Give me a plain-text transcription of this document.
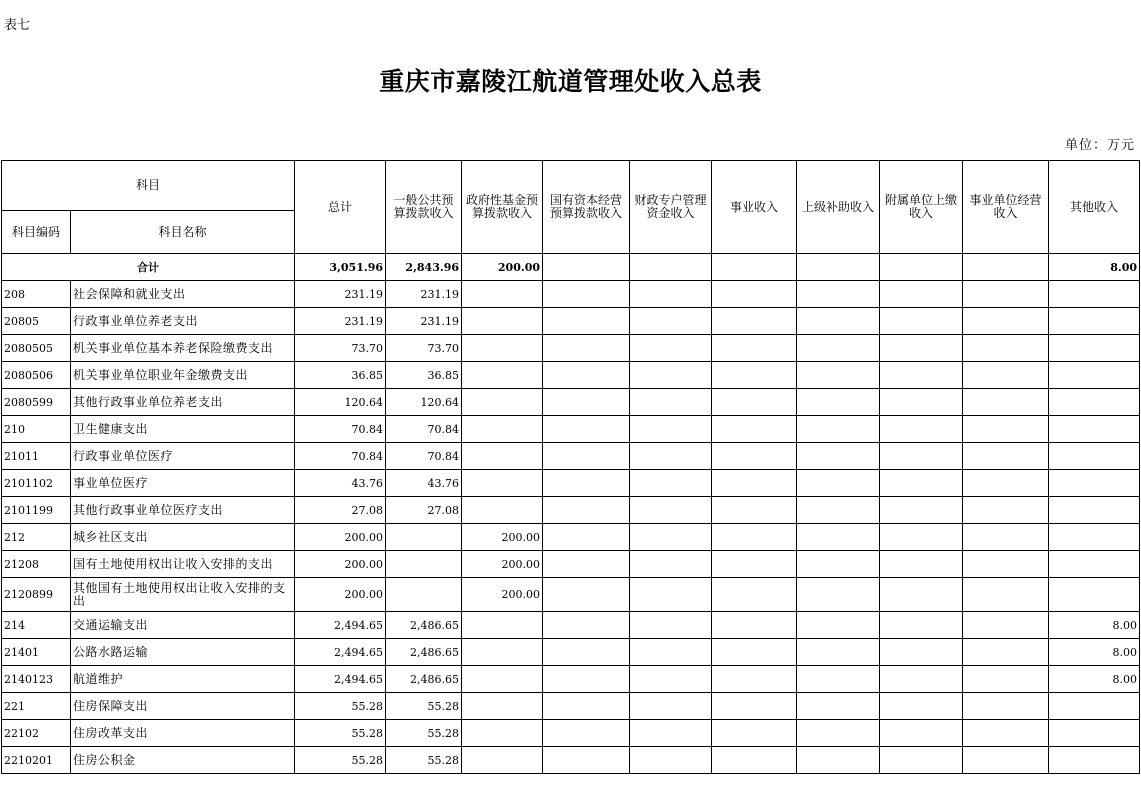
表七
重庆市嘉陵江航道管理处收入总表
单位：万元
科目		总计	一般公共预算拨款收入	政府性基金预算拨款收入	国有资本经营预算拨款收入	财政专户管理资金收入	事业收入	上级补助收入	附属单位上缴收入	事业单位经营收入	其他收入
科目编码	科目名称										
合计		3,051.96	2,843.96	200.00							8.00
208	社会保障和就业支出	231.19	231.19								
20805	行政事业单位养老支出	231.19	231.19								
2080505	机关事业单位基本养老保险缴费支出	73.70	73.70								
2080506	机关事业单位职业年金缴费支出	36.85	36.85								
2080599	其他行政事业单位养老支出	120.64	120.64								
210	卫生健康支出	70.84	70.84								
21011	行政事业单位医疗	70.84	70.84								
2101102	事业单位医疗	43.76	43.76								
2101199	其他行政事业单位医疗支出	27.08	27.08								
212	城乡社区支出	200.00		200.00							
21208	国有土地使用权出让收入安排的支出	200.00		200.00							
2120899	其他国有土地使用权出让收入安排的支出	200.00		200.00							
214	交通运输支出	2,494.65	2,486.65								8.00
21401	公路水路运输	2,494.65	2,486.65								8.00
2140123	航道维护	2,494.65	2,486.65								8.00
221	住房保障支出	55.28	55.28								
22102	住房改革支出	55.28	55.28								
2210201	住房公积金	55.28	55.28								
